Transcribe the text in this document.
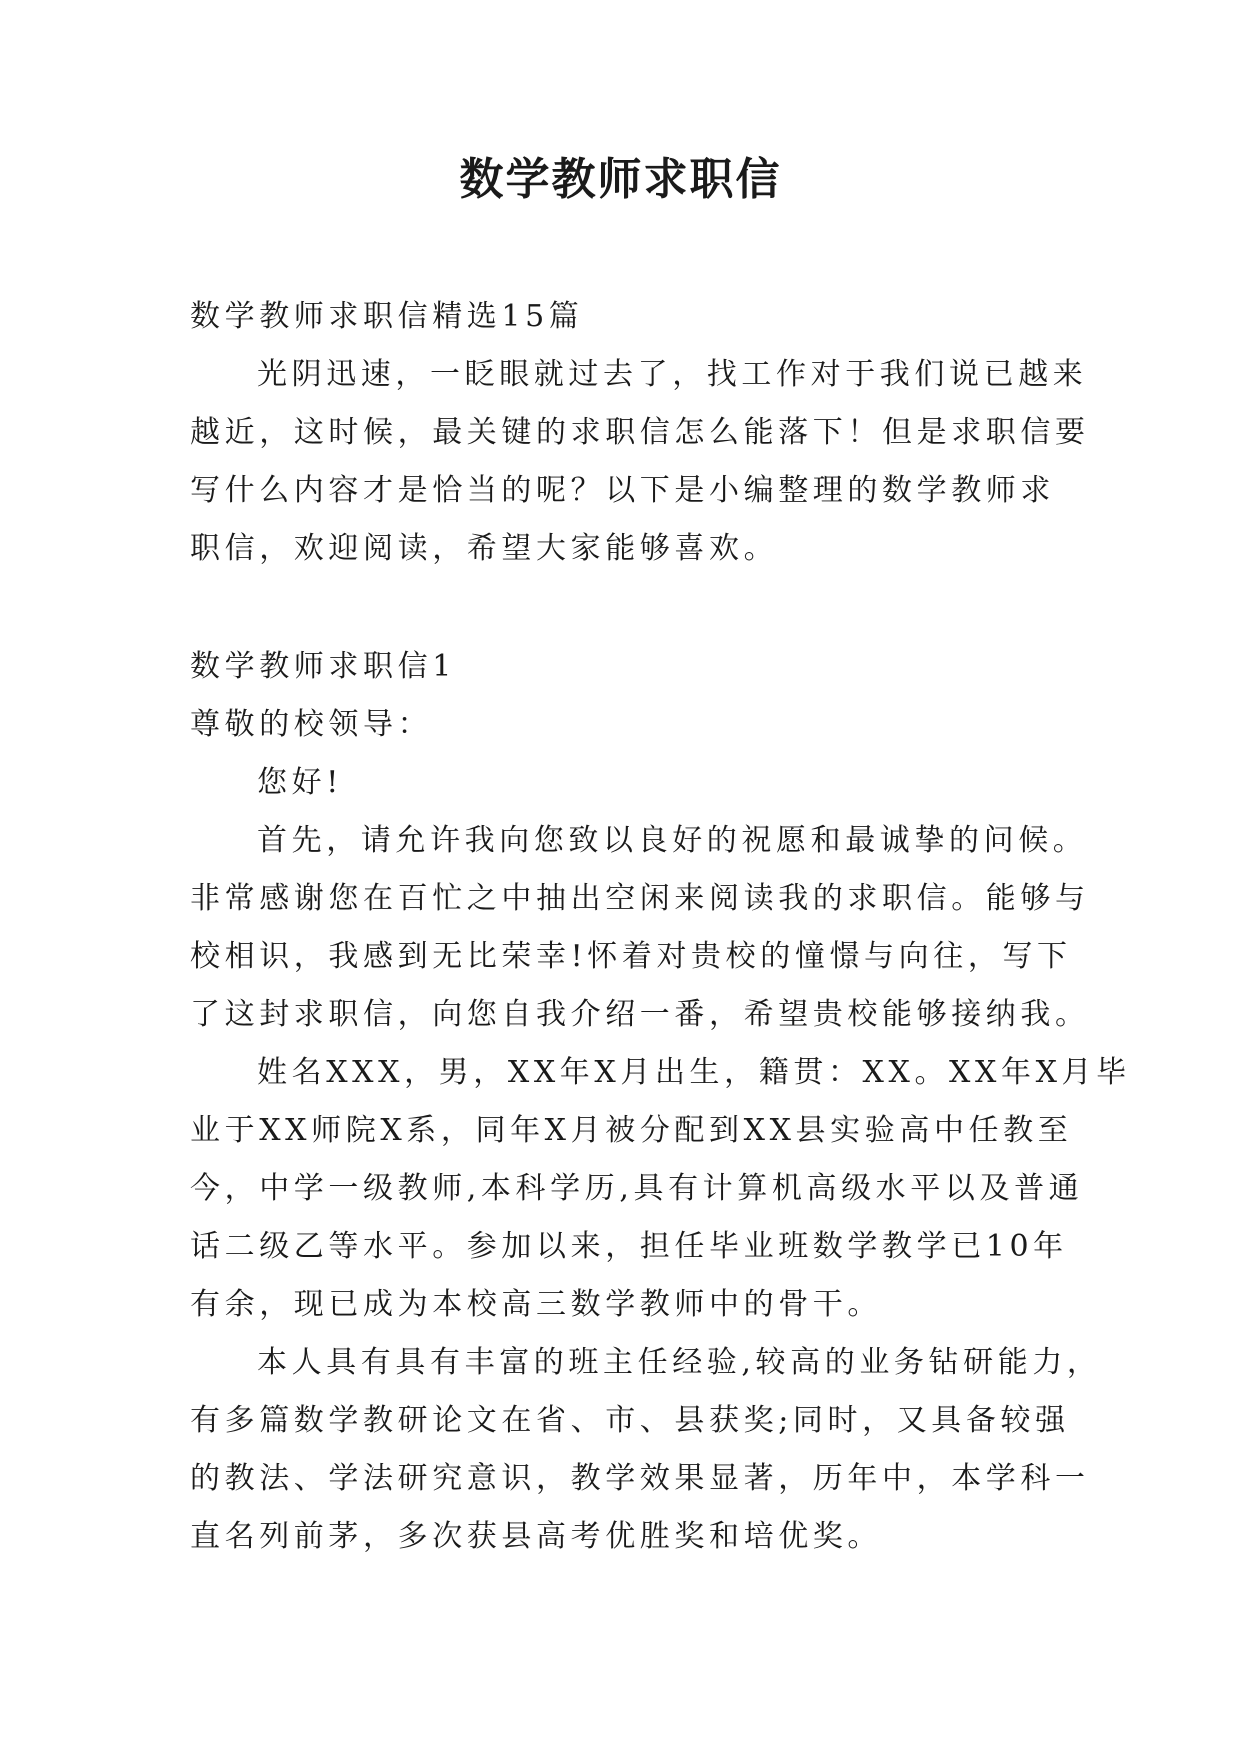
数学教师求职信
数学教师求职信精选15篇
光阴迅速，一眨眼就过去了，找工作对于我们说已越来
越近，这时候，最关键的求职信怎么能落下！但是求职信要
写什么内容才是恰当的呢？以下是小编整理的数学教师求
职信，欢迎阅读，希望大家能够喜欢。
数学教师求职信1
尊敬的校领导：
您好!
首先，请允许我向您致以良好的祝愿和最诚挚的问候。
非常感谢您在百忙之中抽出空闲来阅读我的求职信。能够与
校相识，我感到无比荣幸!怀着对贵校的憧憬与向往，写下
了这封求职信，向您自我介绍一番，希望贵校能够接纳我。
姓名XXX，男，XX年X月出生，籍贯：XX。XX年X月毕
业于XX师院X系，同年X月被分配到XX县实验高中任教至
今，中学一级教师,本科学历,具有计算机高级水平以及普通
话二级乙等水平。参加以来，担任毕业班数学教学已10年
有余，现已成为本校高三数学教师中的骨干。
本人具有具有丰富的班主任经验,较高的业务钻研能力，
有多篇数学教研论文在省、市、县获奖;同时，又具备较强
的教法、学法研究意识，教学效果显著，历年中，本学科一
直名列前茅，多次获县高考优胜奖和培优奖。
